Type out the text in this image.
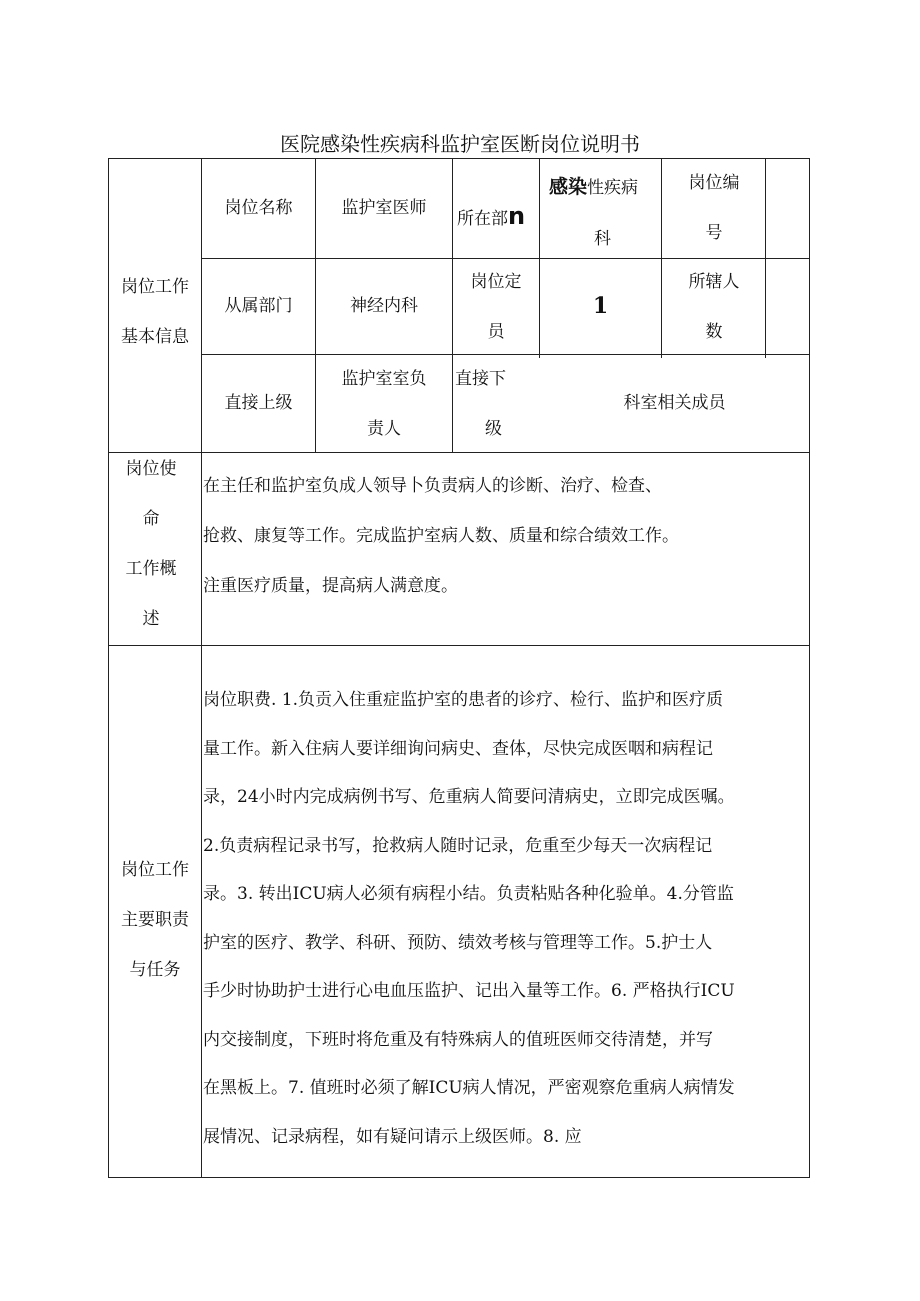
医院感染性疾病科监护室医断岗位说明书
岗位工作
基本信息
岗位名称	监护室医师
所在部n
感染性疾病
科
岗位编
号
从属部门	神经内科
岗位定
员
1
所辖人
数
直接上级
监护室室负
责人
直接下
级
科室相关成员
岗位使
命
工作概
述
在主任和监护室负成人领导卜负责病人的诊断、治疗、检查、
抢救、康复等工作。完成监护室病人数、质量和综合绩效工作。
注重医疗质量，提高病人满意度。
岗位工作
主要职责
与任务
岗位职费. 1.负贡入住重症监护室的患者的诊疗、检行、监护和医疗质
量工作。新入住病人要详细询问病史、查体，尽快完成医咽和病程记
录，24小时内完成病例书写、危重病人简要问清病史，立即完成医嘱。
2.负责病程记录书写，抢救病人随时记录，危重至少每天一次病程记
录。3. 转出ICU病人必须有病程小结。负责粘贴各种化验单。4.分管监
护室的医疗、教学、科研、预防、绩效考核与管理等工作。5.护士人
手少时协助护士进行心电血压监护、记出入量等工作。6. 严格执行ICU
内交接制度，下班时将危重及有特殊病人的值班医师交待清楚，并写
在黑板上。7. 值班时必须了解ICU病人情况，严密观察危重病人病情发
展情况、记录病程，如有疑问请示上级医师。8. 应
